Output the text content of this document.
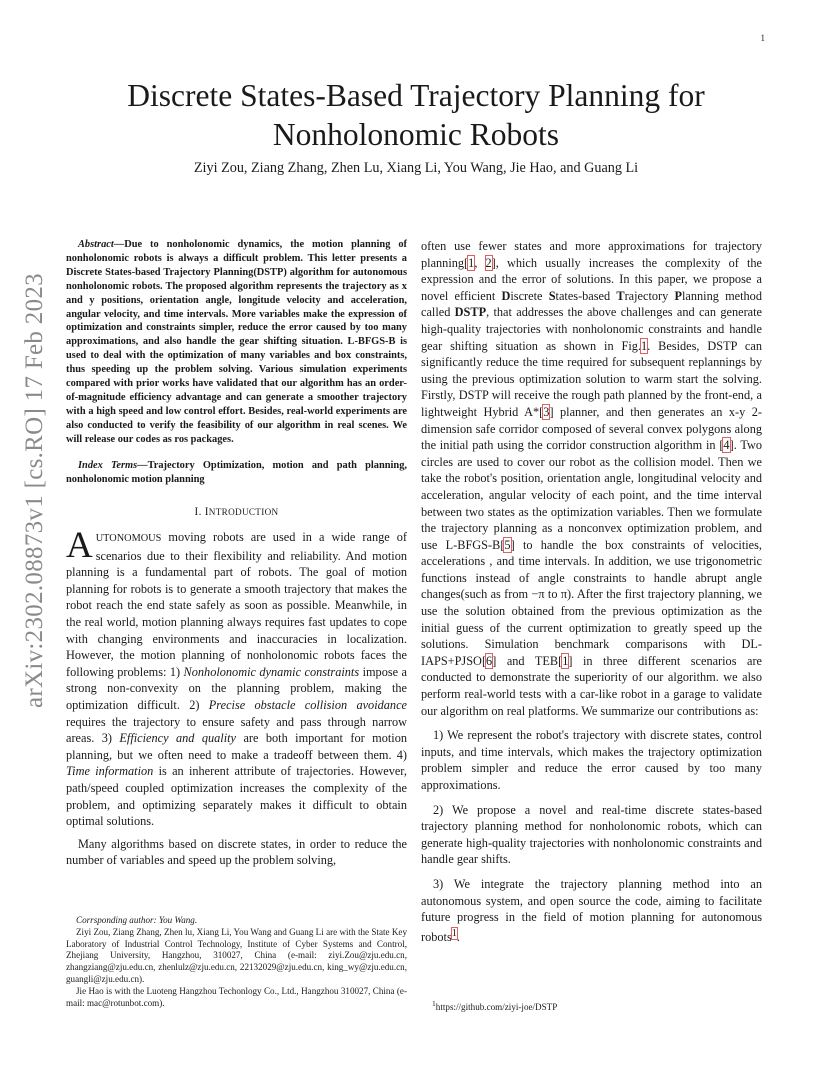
1
arXiv:2302.08873v1 [cs.RO] 17 Feb 2023
Discrete States-Based Trajectory Planning for
Nonholonomic Robots
Ziyi Zou, Ziang Zhang, Zhen Lu, Xiang Li, You Wang, Jie Hao, and Guang Li

Abstract—Due to nonholonomic dynamics, the motion planning of nonholonomic robots is always a difficult problem. This letter presents a Discrete States-based Trajectory Planning(DSTP) algorithm for autonomous nonholonomic robots. The proposed algorithm represents the trajectory as x and y positions, orientation angle, longitude velocity and acceleration, angular velocity, and time intervals. More variables make the expression of optimization and constraints simpler, reduce the error caused by too many approximations, and also handle the gear shifting situation. L-BFGS-B is used to deal with the optimization of many variables and box constraints, thus speeding up the problem solving. Various simulation experiments compared with prior works have validated that our algorithm has an order-of-magnitude efficiency advantage and can generate a smoother trajectory with a high speed and low control effort. Besides, real-world experiments are also conducted to verify the feasibility of our algorithm in real scenes. We will release our codes as ros packages.

Index Terms—Trajectory Optimization, motion and path planning, nonholonomic motion planning

I. INTRODUCTION

AUTONOMOUS moving robots are used in a wide range of scenarios due to their flexibility and reliability. And motion planning is a fundamental part of robots. The goal of motion planning for robots is to generate a smooth trajectory that makes the robot reach the end state safely as soon as possible. Meanwhile, in the real world, motion planning always requires fast updates to cope with changing environments and inaccuracies in localization. However, the motion planning of nonholonomic robots faces the following problems: 1) Nonholonomic dynamic constraints impose a strong non-convexity on the planning problem, making the optimization difficult. 2) Precise obstacle collision avoidance requires the trajectory to ensure safety and pass through narrow areas. 3) Efficiency and quality are both important for motion planning, but we often need to make a tradeoff between them. 4) Time information is an inherent attribute of trajectories. However, path/speed coupled optimization increases the complexity of the problem, and optimizing separately makes it difficult to obtain optimal solutions.

Many algorithms based on discrete states, in order to reduce the number of variables and speed up the problem solving,

Corrsponding author: You Wang.

Ziyi Zou, Ziang Zhang, Zhen lu, Xiang Li, You Wang and Guang Li are with the State Key Laboratory of Industrial Control Technology, Institute of Cyber Systems and Control, Zhejiang University, Hangzhou, 310027, China (e-mail: ziyi.Zou@zju.edu.cn, zhangziang@zju.edu.cn, zhenlulz@zju.edu.cn, 22132029@zju.edu.cn, king_wy@zju.edu.cn, guangli@zju.edu.cn).

Jie Hao is with the Luoteng Hangzhou Techonlogy Co., Ltd., Hangzhou 310027, China (e-mail: mac@rotunbot.com).

often use fewer states and more approximations for trajectory planning[1, 2], which usually increases the complexity of the expression and the error of solutions. In this paper, we propose a novel efficient Discrete States-based Trajectory Planning method called DSTP, that addresses the above challenges and can generate high-quality trajectories with nonholonomic constraints and handle gear shifting situation as shown in Fig.1. Besides, DSTP can significantly reduce the time required for subsequent replannings by using the previous optimization solution to warm start the solving. Firstly, DSTP will receive the rough path planned by the front-end, a lightweight Hybrid A*[3] planner, and then generates an x-y 2-dimension safe corridor composed of several convex polygons along the initial path using the corridor construction algorithm in [4]. Two circles are used to cover our robot as the collision model. Then we take the robot's position, orientation angle, longitudinal velocity and acceleration, angular velocity of each point, and the time interval between two states as the optimization variables. Then we formulate the trajectory planning as a nonconvex optimization problem, and use L-BFGS-B[5] to handle the box constraints of velocities, accelerations , and time intervals. In addition, we use trigonometric functions instead of angle constraints to handle abrupt angle changes(such as from −π to π). After the first trajectory planning, we use the solution obtained from the previous optimization as the initial guess of the current optimization to greatly speed up the solutions. Simulation benchmark comparisons with DL-IAPS+PJSO[6] and TEB[1] in three different scenarios are conducted to demonstrate the superiority of our algorithm. we also perform real-world tests with a car-like robot in a garage to validate our algorithm on real platforms. We summarize our contributions as:

1) We represent the robot's trajectory with discrete states, control inputs, and time intervals, which makes the trajectory optimization problem simpler and reduce the error caused by too many approximations.

2) We propose a novel and real-time discrete states-based trajectory planning method for nonholonomic robots, which can generate high-quality trajectories with nonholonomic constraints and handle gear shifts.

3) We integrate the trajectory planning method into an autonomous system, and open source the code, aiming to facilitate future progress in the field of motion planning for autonomous robots$^1$.

$^1$https://github.com/ziyi-joe/DSTP
